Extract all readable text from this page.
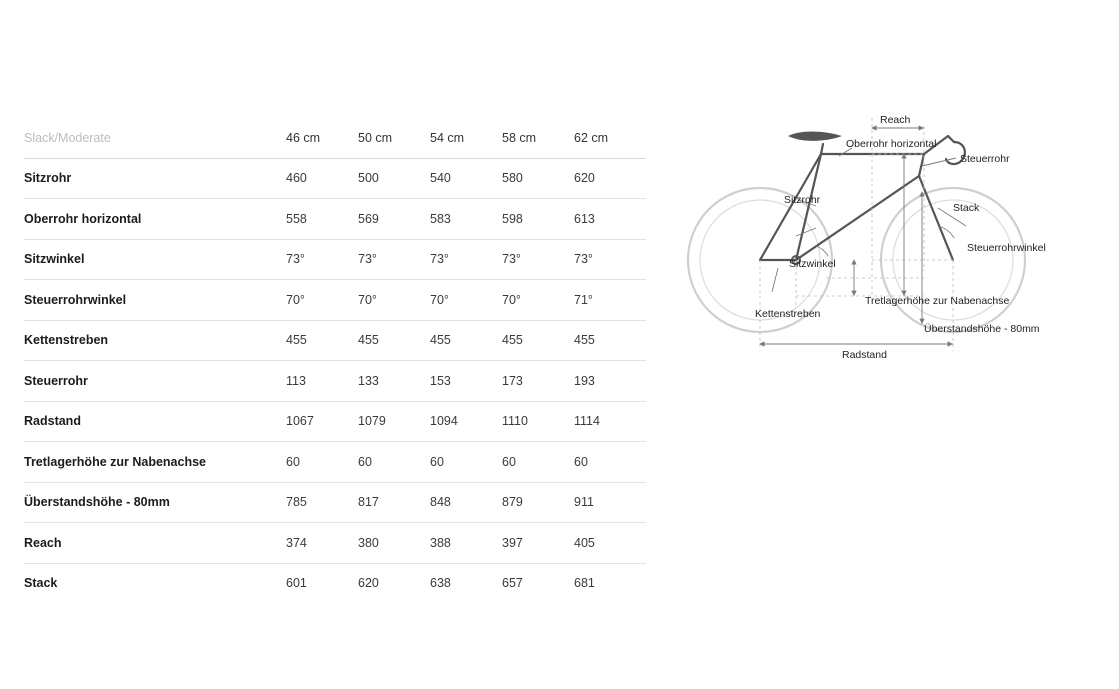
Slack/Moderate	46 cm	50 cm	54 cm	58 cm	62 cm
Sitzrohr	460	500	540	580	620
Oberrohr horizontal	558	569	583	598	613
Sitzwinkel	73°	73°	73°	73°	73°
Steuerrohrwinkel	70°	70°	70°	70°	71°
Kettenstreben	455	455	455	455	455
Steuerrohr	113	133	153	173	193
Radstand	1067	1079	1094	1110	1114
Tretlagerhöhe zur Nabenachse	60	60	60	60	60
Überstandshöhe - 80mm	785	817	848	879	911
Reach	374	380	388	397	405
Stack	601	620	638	657	681
Reach
Oberrohr horizontal
Steuerrohr
Sitzrohr
Stack
Steuerrohrwinkel
Sitzwinkel
Tretlagerhöhe zur Nabenachse
Kettenstreben
Überstandshöhe - 80mm
Radstand
